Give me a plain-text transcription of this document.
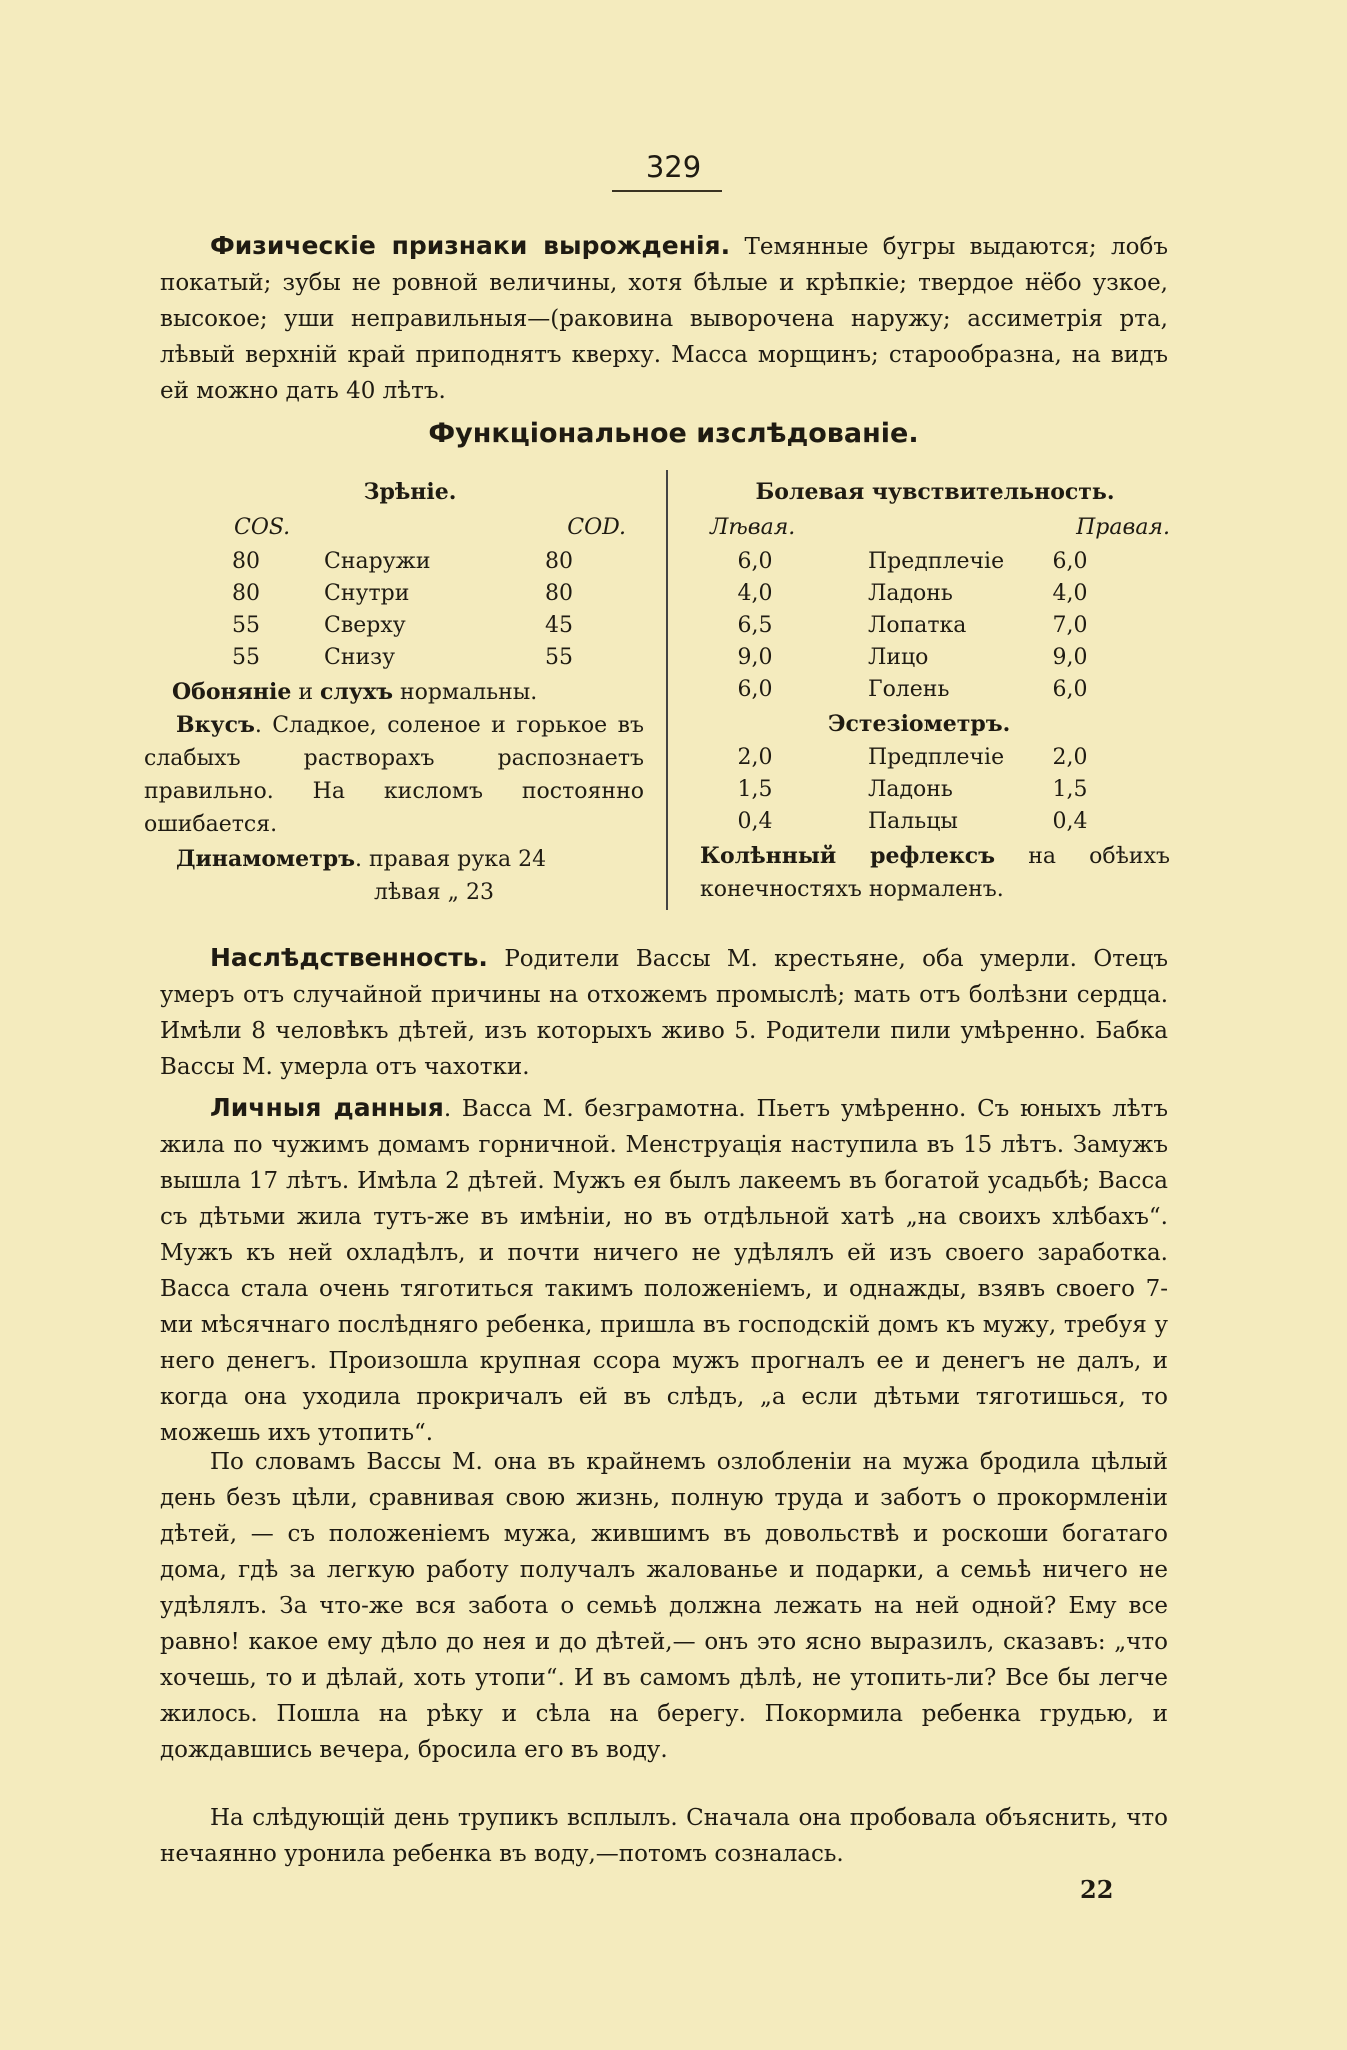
329

Физическіе признаки вырожденія. Темянные бугры выдаются; лобъ покатый; зубы не ровной величины, хотя бѣлые и крѣпкіе; твердое нёбо узкое, высокое; уши неправильныя—(раковина выворочена наружу; ассиметрія рта, лѣвый верхній край приподнятъ кверху. Масса морщинъ; старообразна, на видъ ей можно дать 40 лѣтъ.

Функціональное изслѣдованіе.
Зрѣніе.
COS.	COD.
80	Снаружи	80
80	Снутри	80
55	Сверху	45
55	Снизу	55

Обоняніе и слухъ нормальны.

Вкусъ. Сладкое, соленое и горькое въ слабыхъ растворахъ распознаетъ правильно. На кисломъ постоянно ошибается.

Динамометръ. правая рука 24

лѣвая „ 23

Болевая чувствительность.
Лѣвая.	Правая.
6,0	Предплечіе	6,0
4,0	Ладонь	4,0
6,5	Лопатка	7,0
9,0	Лицо	9,0
6,0	Голень	6,0
Эстезіометръ.
2,0	Предплечіе	2,0
1,5	Ладонь	1,5
0,4	Пальцы	0,4

Колѣнный рефлексъ на обѣихъ конечностяхъ нормаленъ.

Наслѣдственность. Родители Вассы М. крестьяне, оба умерли. Отецъ умеръ отъ случайной причины на отхожемъ промыслѣ; мать отъ болѣзни сердца. Имѣли 8 человѣкъ дѣтей, изъ которыхъ живо 5. Родители пили умѣренно. Бабка Вассы М. умерла отъ чахотки.

Личныя данныя. Васса М. безграмотна. Пьетъ умѣренно. Съ юныхъ лѣтъ жила по чужимъ домамъ горничной. Менструація наступила въ 15 лѣтъ. Замужъ вышла 17 лѣтъ. Имѣла 2 дѣтей. Мужъ ея былъ лакеемъ въ богатой усадьбѣ; Васса съ дѣтьми жила тутъ-же въ имѣніи, но въ отдѣльной хатѣ „на своихъ хлѣбахъ“. Мужъ къ ней охладѣлъ, и почти ничего не удѣлялъ ей изъ своего заработка. Васса стала очень тяготиться такимъ положеніемъ, и однажды, взявъ своего 7-ми мѣсячнаго послѣдняго ребенка, пришла въ господскій домъ къ мужу, требуя у него денегъ. Произошла крупная ссора мужъ прогналъ ее и денегъ не далъ, и когда она уходила прокричалъ ей въ слѣдъ, „а если дѣтьми тяготишься, то можешь ихъ утопить“.

По словамъ Вассы М. она въ крайнемъ озлобленіи на мужа бродила цѣлый день безъ цѣли, сравнивая свою жизнь, полную труда и заботъ о прокормленіи дѣтей, — съ положеніемъ мужа, жившимъ въ довольствѣ и роскоши богатаго дома, гдѣ за легкую работу получалъ жалованье и подарки, а семьѣ ничего не удѣлялъ. За что-же вся забота о семьѣ должна лежать на ней одной? Ему все равно! какое ему дѣло до нея и до дѣтей,— онъ это ясно выразилъ, сказавъ: „что хочешь, то и дѣлай, хоть утопи“. И въ самомъ дѣлѣ, не утопить-ли? Все бы легче жилось. Пошла на рѣку и сѣла на берегу. Покормила ребенка грудью, и дождавшись вечера, бросила его въ воду.

На слѣдующій день трупикъ всплылъ. Сначала она пробовала объяснить, что нечаянно уронила ребенка въ воду,—потомъ созналась.

22
